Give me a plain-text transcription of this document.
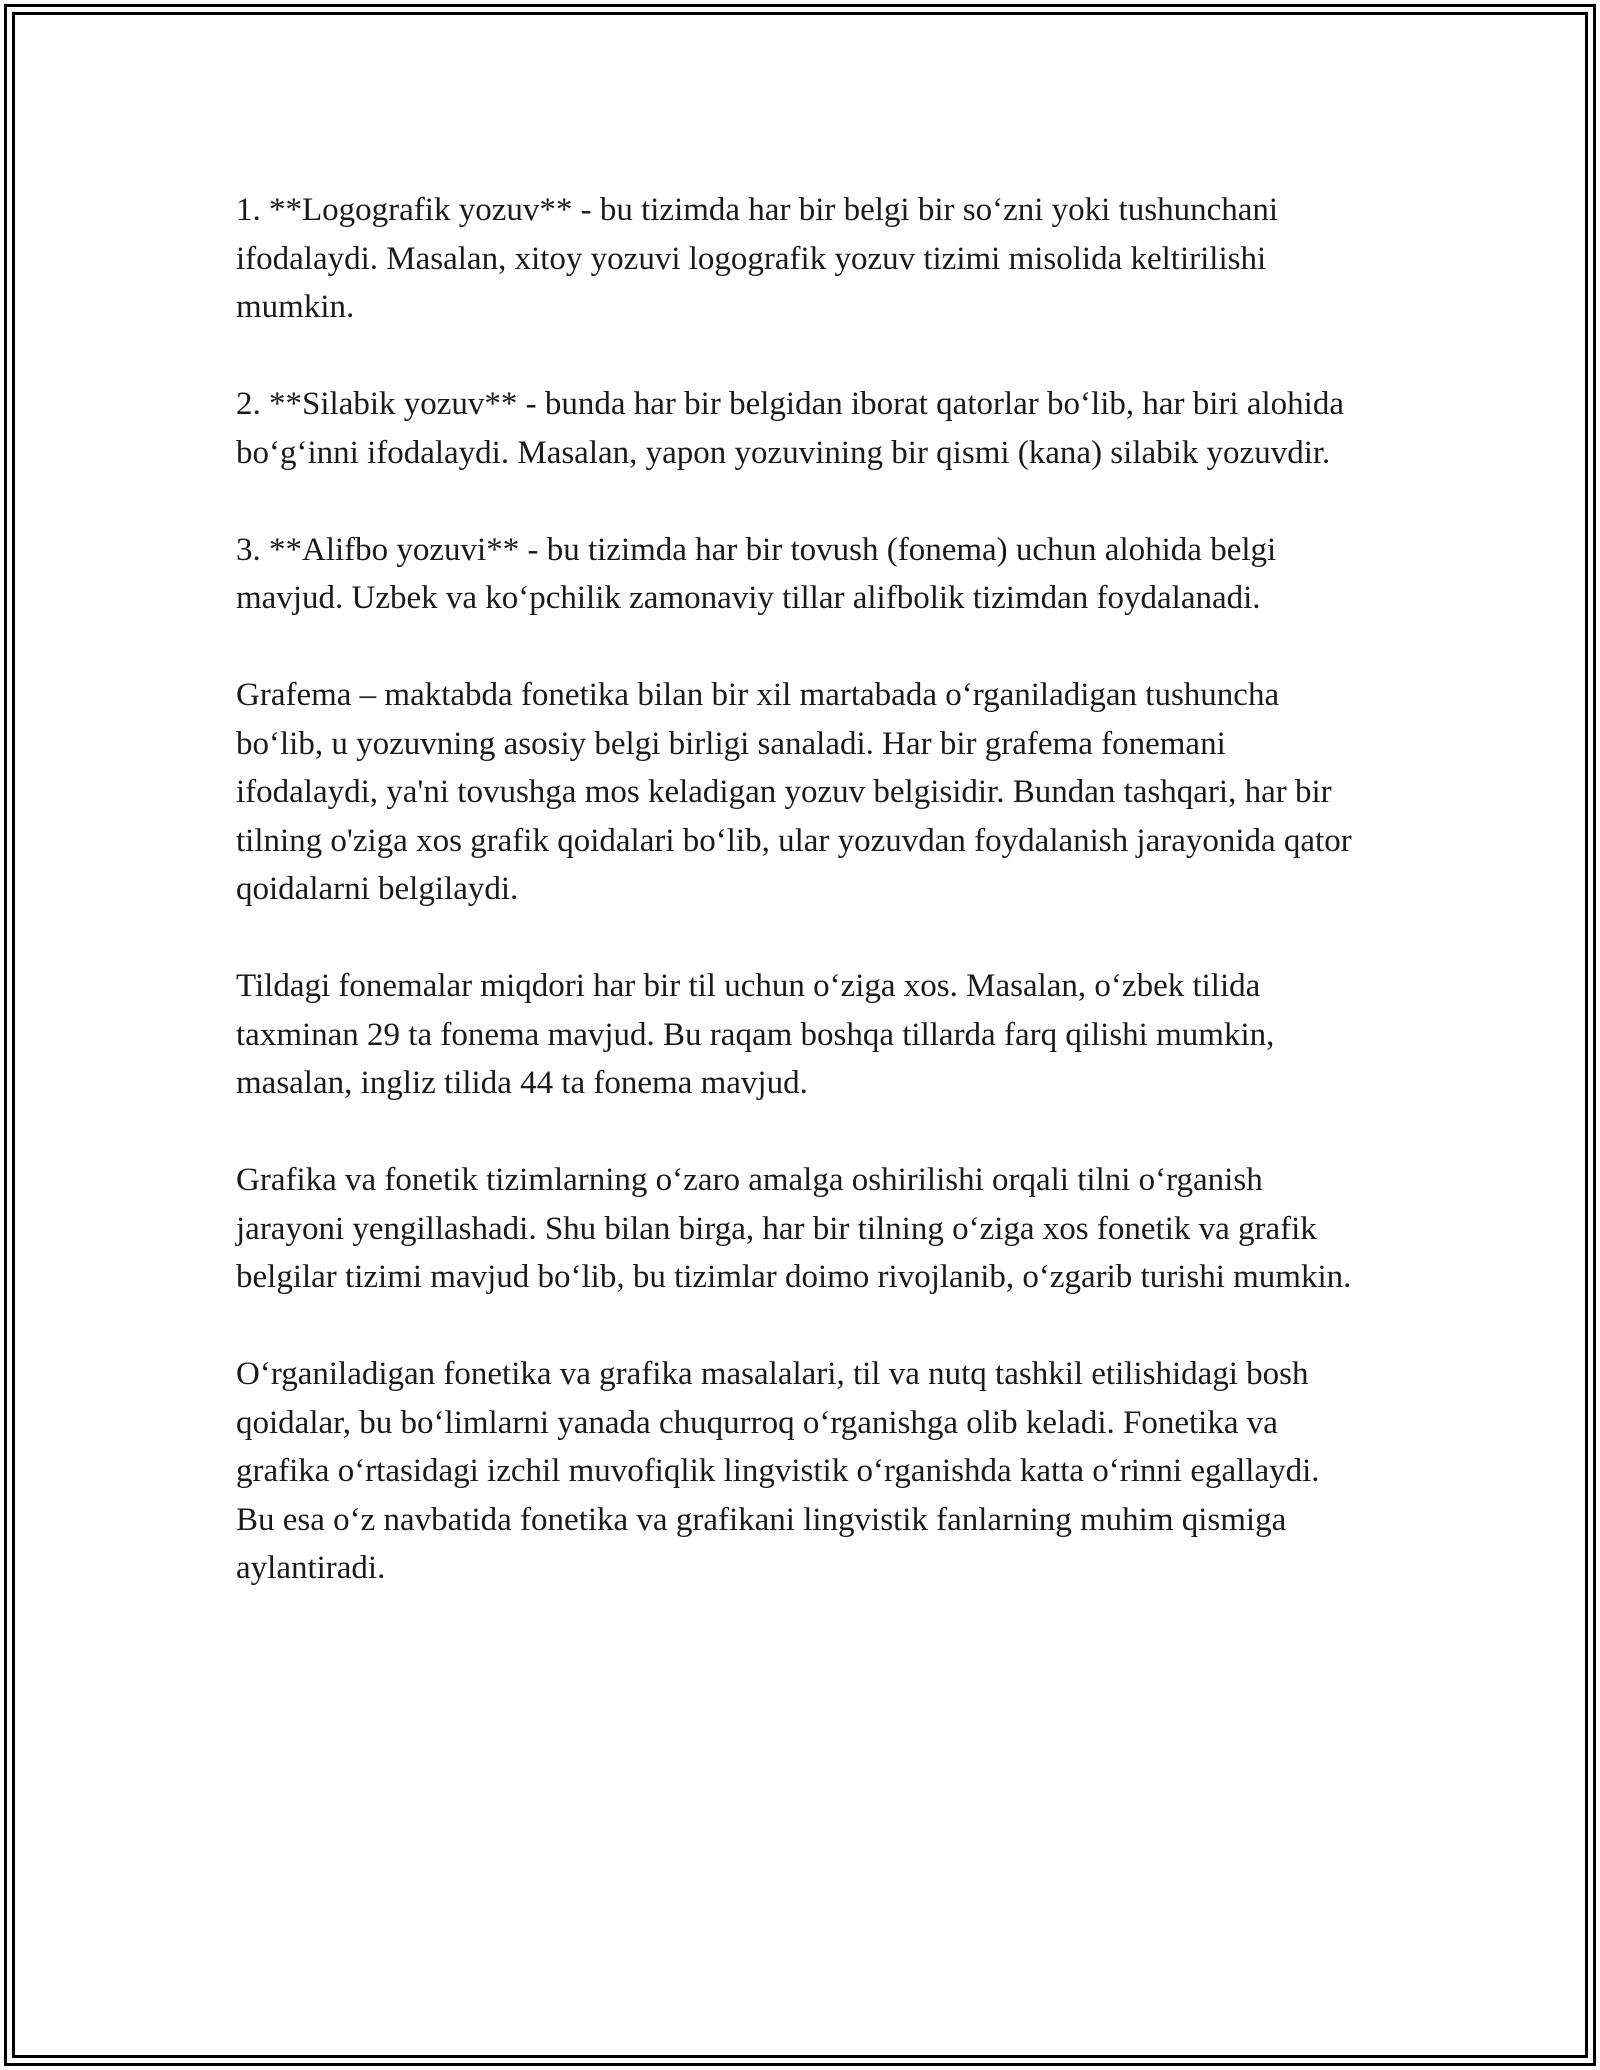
1. **Logografik yozuv** - bu tizimda har bir belgi bir so‘zni yoki tushunchani ifodalaydi. Masalan, xitoy yozuvi logografik yozuv tizimi misolida keltirilishi mumkin.

2. **Silabik yozuv** - bunda har bir belgidan iborat qatorlar bo‘lib, har biri alohida bo‘g‘inni ifodalaydi. Masalan, yapon yozuvining bir qismi (kana) silabik yozuvdir.

3. **Alifbo yozuvi** - bu tizimda har bir tovush (fonema) uchun alohida belgi mavjud. Uzbek va ko‘pchilik zamonaviy tillar alifbolik tizimdan foydalanadi.

Grafema – maktabda fonetika bilan bir xil martabada o‘rganiladigan tushuncha bo‘lib, u yozuvning asosiy belgi birligi sanaladi. Har bir grafema fonemani ifodalaydi, ya'ni tovushga mos keladigan yozuv belgisidir. Bundan tashqari, har bir tilning o'ziga xos grafik qoidalari bo‘lib, ular yozuvdan foydalanish jarayonida qator qoidalarni belgilaydi.

Tildagi fonemalar miqdori har bir til uchun o‘ziga xos. Masalan, o‘zbek tilida taxminan 29 ta fonema mavjud. Bu raqam boshqa tillarda farq qilishi mumkin, masalan, ingliz tilida 44 ta fonema mavjud.

Grafika va fonetik tizimlarning o‘zaro amalga oshirilishi orqali tilni o‘rganish jarayoni yengillashadi. Shu bilan birga, har bir tilning o‘ziga xos fonetik va grafik belgilar tizimi mavjud bo‘lib, bu tizimlar doimo rivojlanib, o‘zgarib turishi mumkin.

O‘rganiladigan fonetika va grafika masalalari, til va nutq tashkil etilishidagi bosh qoidalar, bu bo‘limlarni yanada chuqurroq o‘rganishga olib keladi. Fonetika va grafika o‘rtasidagi izchil muvofiqlik lingvistik o‘rganishda katta o‘rinni egallaydi. Bu esa o‘z navbatida fonetika va grafikani lingvistik fanlarning muhim qismiga aylantiradi.
